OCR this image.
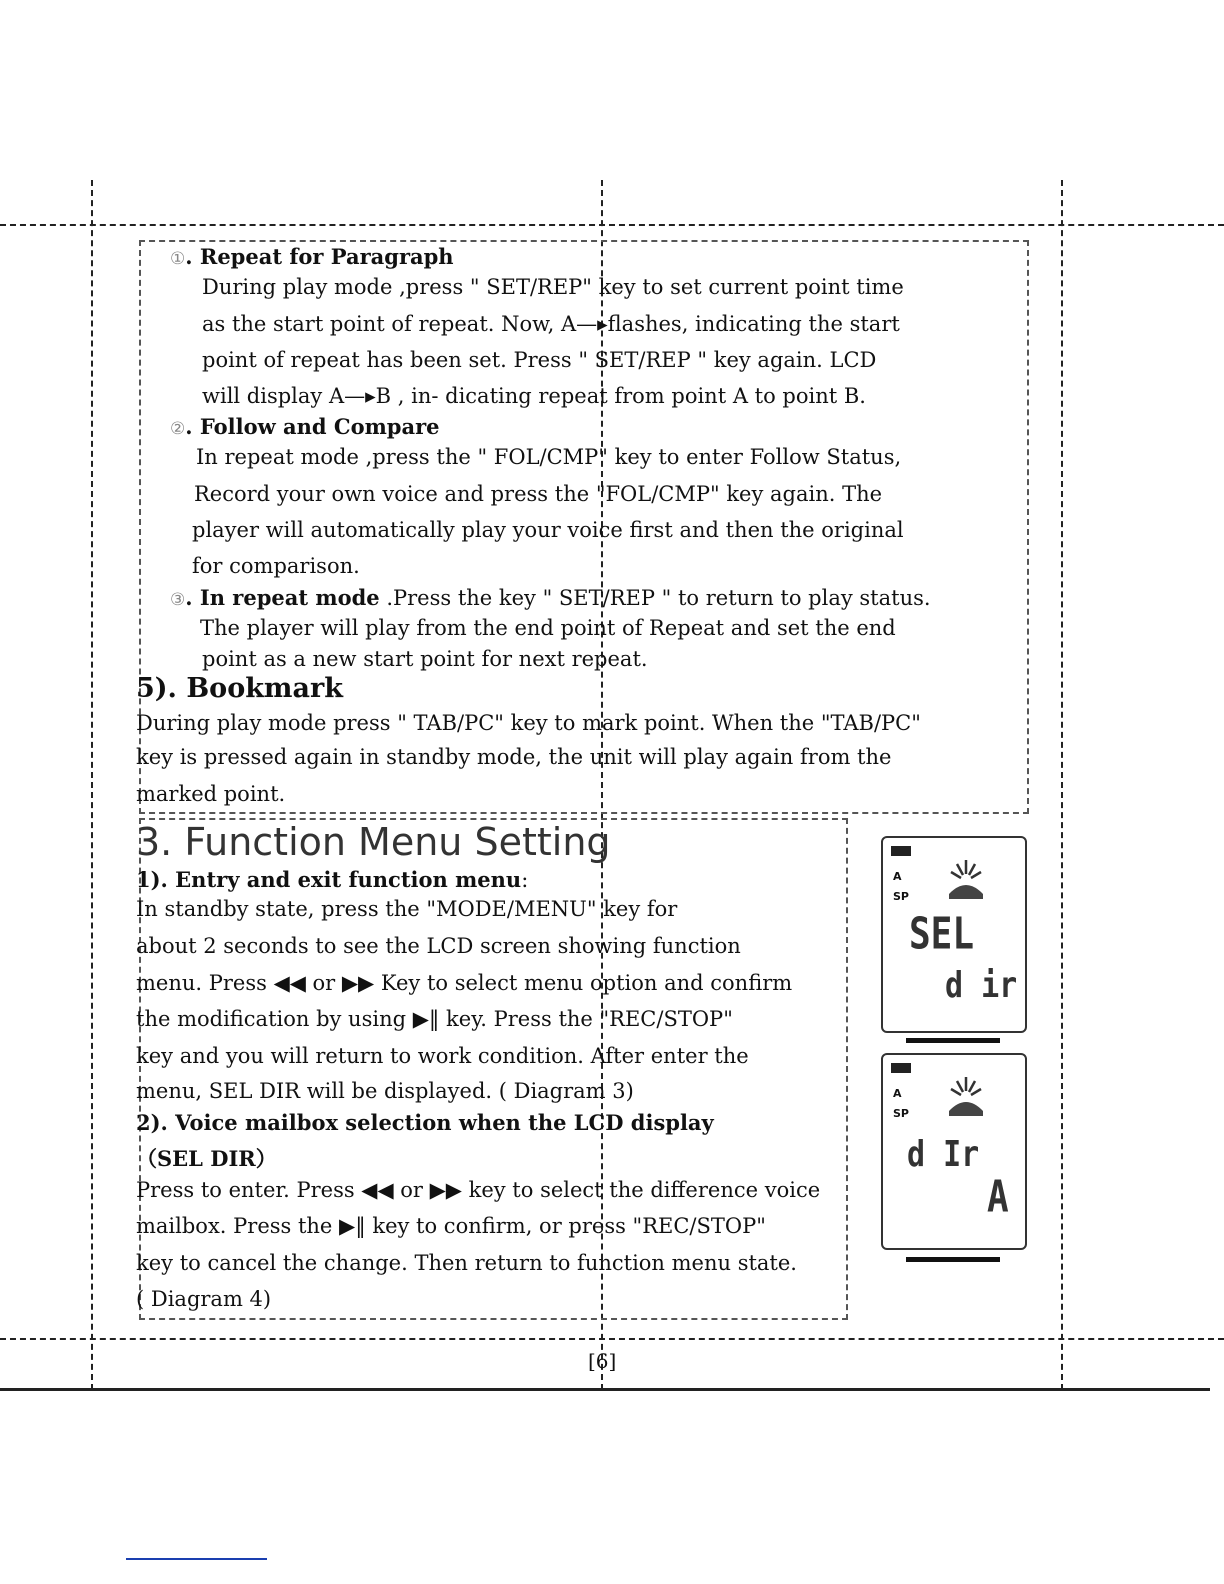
①. Repeat for Paragraph
During play mode ,press " SET/REP" key to set current point time
as the start point of repeat. Now, A—▸flashes, indicating the start
point of repeat has been set. Press " SET/REP " key again. LCD
will display A—▸B , in- dicating repeat from point A to point B.
②. Follow and Compare
In repeat mode ,press the " FOL/CMP" key to enter Follow Status,
Record your own voice and press the "FOL/CMP" key again. The
player will automatically play your voice first and then the original
for comparison.
③. In repeat mode .Press the key " SET/REP " to return to play status.
The player will play from the end point of Repeat and set the end
point as a new start point for next repeat.
5). Bookmark
During play mode press " TAB/PC" key to mark point. When the "TAB/PC"
key is pressed again in standby mode, the unit will play again from the
marked point.
3. Function Menu Setting
1). Entry and exit function menu:
In standby state, press the "MODE/MENU" key for
about 2 seconds to see the LCD screen showing function
menu. Press ◀◀ or ▶▶ Key to select menu option and confirm
the modification by using ▶‖ key. Press the "REC/STOP"
key and you will return to work condition. After enter the
menu, SEL DIR will be displayed. ( Diagram 3)
2). Voice mailbox selection when the LCD display
（SEL DIR）
Press to enter. Press ◀◀ or ▶▶ key to select the difference voice
mailbox. Press the ▶‖ key to confirm, or press "REC/STOP"
key to cancel the change. Then return to function menu state.
( Diagram 4)
A
SP
SEL
d ir
A
SP
d Ir
A
[6]
